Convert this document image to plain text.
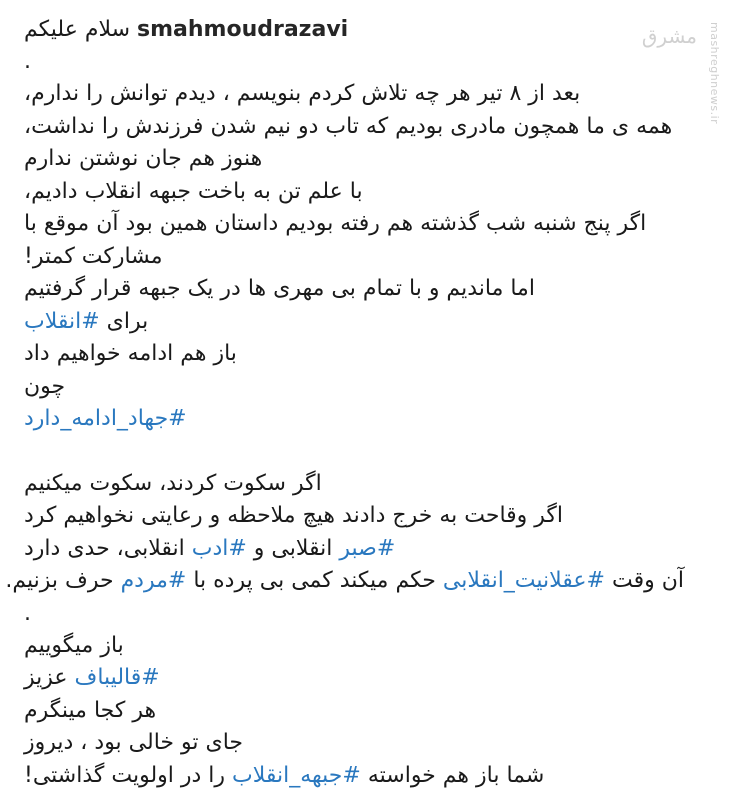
مشرق mashreghnews.ir
smahmoudrazavi سلام علیکم
.
بعد از ۸ تیر هر چه تلاش کردم بنویسم ، دیدم توانش را ندارم،
همه ی ما همچون مادری بودیم که تاب دو نیم شدن فرزندش را نداشت،
هنوز هم جان نوشتن ندارم
با علم تن به باخت جبهه انقلاب دادیم،
اگر پنج شنبه شب گذشته هم رفته بودیم داستان همین بود آن موقع با
مشارکت کمتر!
اما ماندیم و با تمام بی مهری ها در یک جبهه قرار گرفتیم
برای #انقلاب
باز هم ادامه خواهیم داد
چون
#جهاد_ادامه_دارد
اگر سکوت کردند، سکوت میکنیم
اگر وقاحت به خرج دادند هیچ ملاحظه و رعایتی نخواهیم کرد
#صبر انقلابی و #ادب انقلابی، حدی دارد
آن وقت #عقلانیت_انقلابی حکم میکند کمی بی پرده با #مردم حرف بزنیم.
.
باز میگوییم
#قالیباف عزیز
هر کجا مینگرم
جای تو خالی بود ، دیروز
شما باز هم خواسته #جبهه_انقلاب را در اولویت گذاشتی!
